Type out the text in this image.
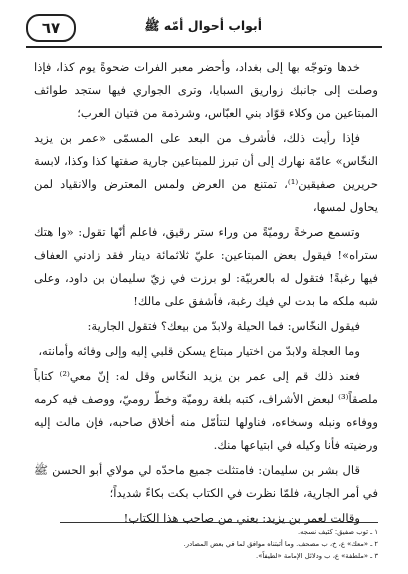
٦٧	أبواب أحوال أمّه ﷺ

خدها وتوجّه بها إلى بغداد، وأحضر معبر الفرات ضحوةً يوم كذا، فإذا وصلت إلى جانبك زواريق السبايا، وترى الجواري فيها ستجد طوائف المبتاعين من وكلاء قوّاد بني العبّاس، وشرذمة من فتيان العرب؛

فإذا رأيت ذلك، فأشرف من البعد على المسمّى «عمر بن يزيد النخّاس» عامّة نهارك إلى أن تبرز للمبتاعين جارية صفتها كذا وكذا، لابسة حريرين صفيقين⁽¹⁾، تمتنع من العرض ولمس المعترض والانقياد لمن يحاول لمسها،

وتسمع صرخةً روميّةً من وراء ستر رقيق، فاعلم أنّها تقول: «وا هتك ستراه»! فيقول بعض المبتاعين: عليّ ثلاثمائة دينار فقد زادني العفاف فيها رغبةً! فتقول له بالعربيّة: لو برزت في زيّ سليمان بن داود، وعلى شبه ملكه ما بدت لي فيك رغبة، فأشفق على مالك!

فيقول النخّاس: فما الحيلة ولابدّ من بيعك؟ فتقول الجارية:

وما العجلة ولابدّ من اختيار مبتاع يسكن قلبي إليه وإلى وفائه وأمانته،

فعند ذلك قم إلى عمر بن يزيد النخّاس وقل له: إنّ معي⁽²⁾ كتاباً ملصقاً⁽³⁾ لبعض الأشراف، كتبه بلغة روميّة وخطّ روميّ، ووصف فيه كرمه ووفاءه ونبله وسخاءه، فناولها لتتأمّل منه أخلاق صاحبه، فإن مالت إليه ورضيته فأنا وكيله في ابتياعها منك.

قال بشر بن سليمان: فامتثلت جميع ماحدّه لي مولاي أبو الحسن ﷺ في أمر الجارية، فلمّا نظرت في الكتاب بكت بكاءً شديداً؛

وقالت لعمر بن يزيد: بعني من صاحب هذا الكتاب!

١ ـ ثوب صفيق: كثيف نسجه.
٢ ـ «معك» ع، خ، ب مصحف. وما أثبتناه موافق لما في بعض المصادر.
٣ ـ «ملطفة» ع، ب ودلائل الإمامة «لطيفاً».
